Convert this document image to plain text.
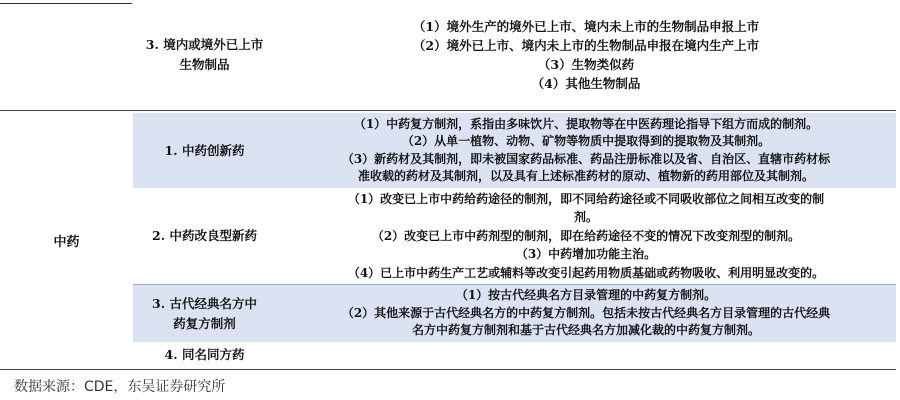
3. 境内或境外已上市生物制品
（1）境外生产的境外已上市、境内未上市的生物制品申报上市
（2）境外已上市、境内未上市的生物制品申报在境内生产上市
（3）生物类似药
（4）其他生物制品
中药
1. 中药创新药
（1）中药复方制剂，系指由多味饮片、提取物等在中医药理论指导下组方而成的制剂。
（2）从单一植物、动物、矿物等物质中提取得到的提取物及其制剂。
（3）新药材及其制剂，即未被国家药品标准、药品注册标准以及省、自治区、直辖市药材标
准收载的药材及其制剂，以及具有上述标准药材的原动、植物新的药用部位及其制剂。
2. 中药改良型新药
（1）改变已上市中药给药途径的制剂，即不同给药途径或不同吸收部位之间相互改变的制
剂。
（2）改变已上市中药剂型的制剂，即在给药途径不变的情况下改变剂型的制剂。
（3）中药增加功能主治。
（4）已上市中药生产工艺或辅料等改变引起药用物质基础或药物吸收、利用明显改变的。
3. 古代经典名方中药复方制剂
（1）按古代经典名方目录管理的中药复方制剂。
（2）其他来源于古代经典名方的中药复方制剂。包括未按古代经典名方目录管理的古代经典
名方中药复方制剂和基于古代经典名方加减化裁的中药复方制剂。
4. 同名同方药
数据来源：CDE，东吴证券研究所
